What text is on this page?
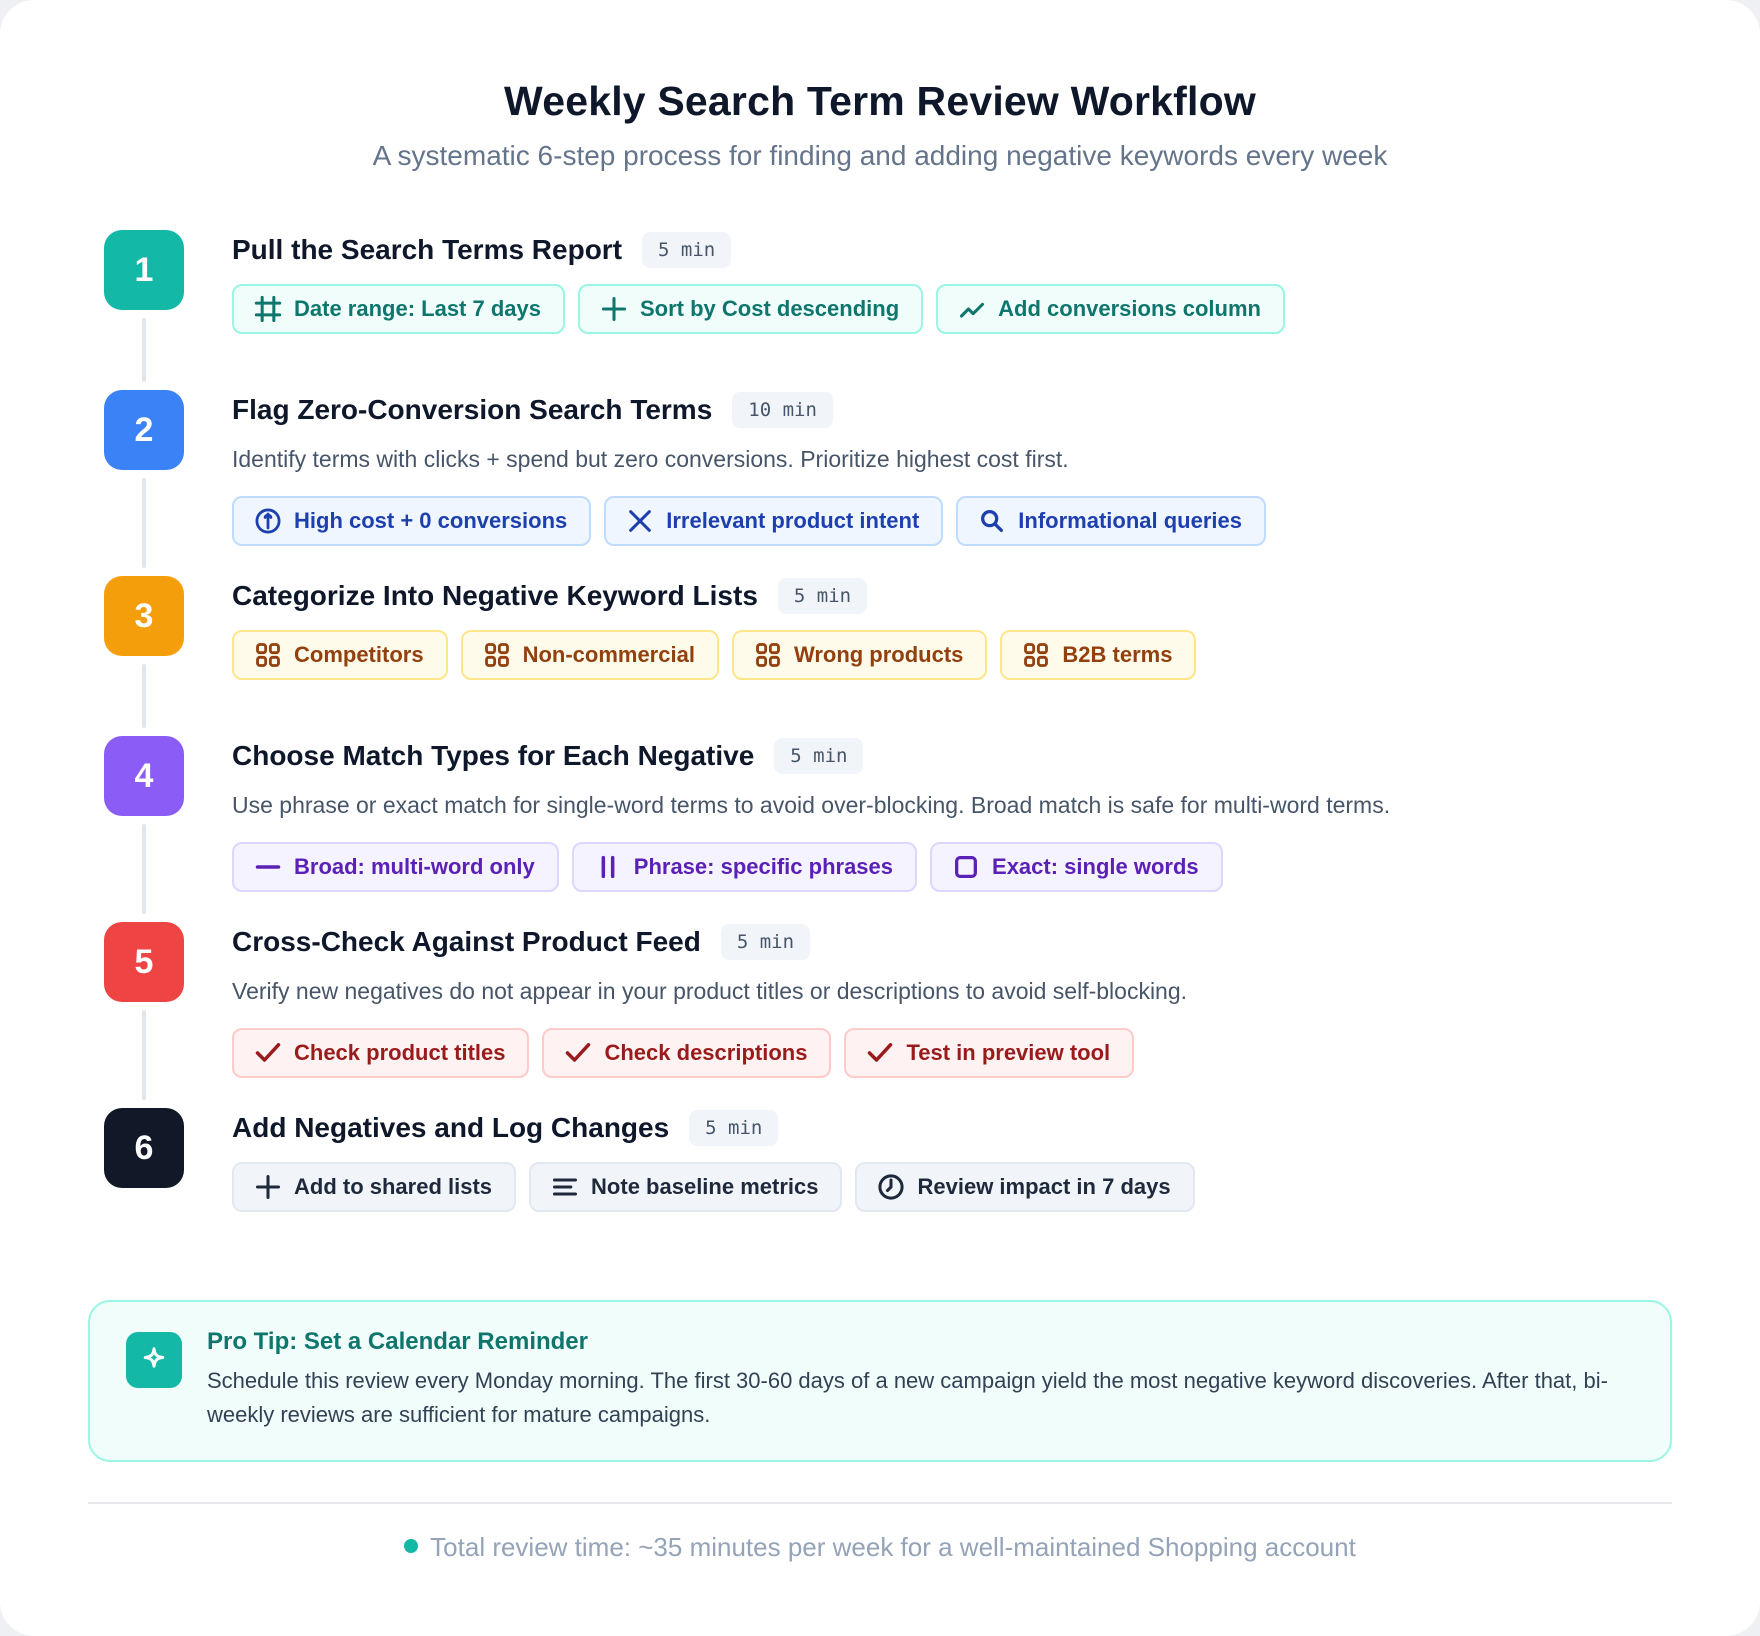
Weekly Search Term Review Workflow
A systematic 6-step process for finding and adding negative keywords every week
1
Pull the Search Terms Report	5 min
Date range: Last 7 days	Sort by Cost descending	Add conversions column
2
Flag Zero-Conversion Search Terms	10 min
Identify terms with clicks + spend but zero conversions. Prioritize highest cost first.
High cost + 0 conversions	Irrelevant product intent	Informational queries
3
Categorize Into Negative Keyword Lists	5 min
Competitors	Non-commercial	Wrong products	B2B terms
4
Choose Match Types for Each Negative	5 min
Use phrase or exact match for single-word terms to avoid over-blocking. Broad match is safe for multi-word terms.
Broad: multi-word only	Phrase: specific phrases	Exact: single words
5
Cross-Check Against Product Feed	5 min
Verify new negatives do not appear in your product titles or descriptions to avoid self-blocking.
Check product titles	Check descriptions	Test in preview tool
6
Add Negatives and Log Changes	5 min
Add to shared lists	Note baseline metrics	Review impact in 7 days
Pro Tip: Set a Calendar Reminder
Schedule this review every Monday morning. The first 30-60 days of a new campaign yield the most negative keyword discoveries. After that, bi-weekly reviews are sufficient for mature campaigns.
Total review time: ~35 minutes per week for a well-maintained Shopping account
